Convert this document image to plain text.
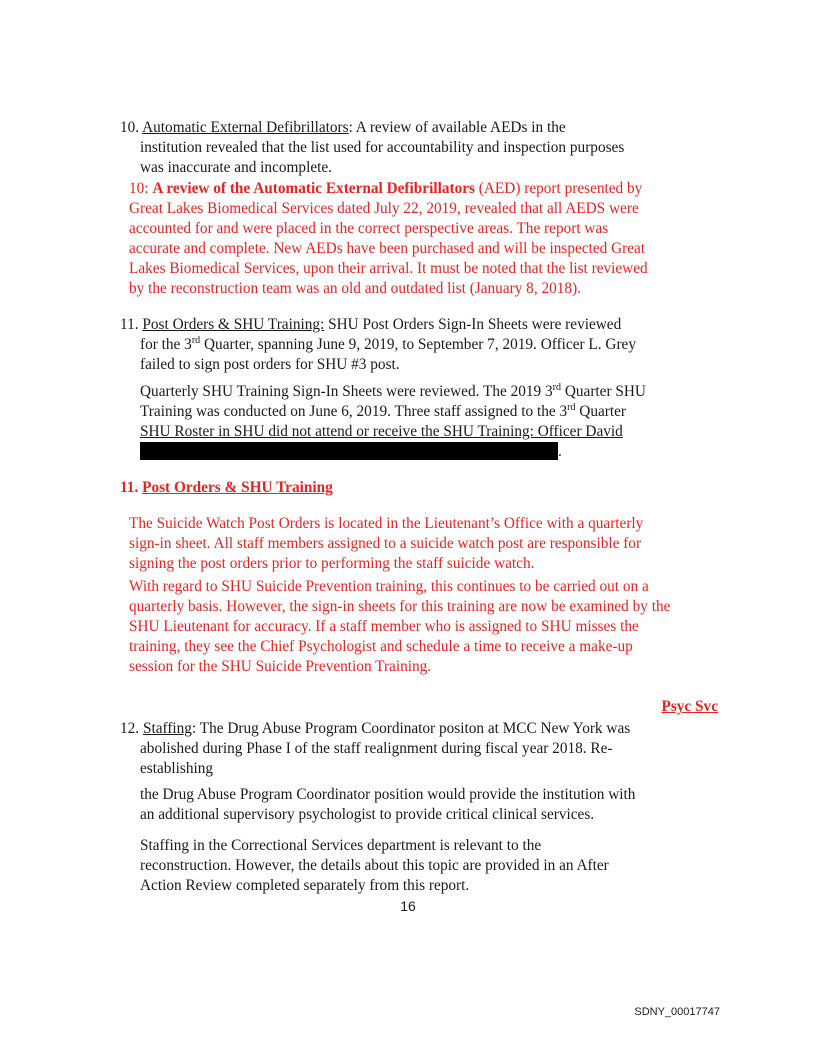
10. Automatic External Defibrillators: A review of available AEDs in the
institution revealed that the list used for accountability and inspection purposes
was inaccurate and incomplete.
10: A review of the Automatic External Defibrillators (AED) report presented by
Great Lakes Biomedical Services dated July 22, 2019, revealed that all AEDS were
accounted for and were placed in the correct perspective areas. The report was
accurate and complete. New AEDs have been purchased and will be inspected Great
Lakes Biomedical Services, upon their arrival. It must be noted that the list reviewed
by the reconstruction team was an old and outdated list (January 8, 2018).
11. Post Orders & SHU Training: SHU Post Orders Sign-In Sheets were reviewed
for the 3rd Quarter, spanning June 9, 2019, to September 7, 2019. Officer L. Grey
failed to sign post orders for SHU #3 post.
Quarterly SHU Training Sign-In Sheets were reviewed. The 2019 3rd Quarter SHU
Training was conducted on June 6, 2019. Three staff assigned to the 3rd Quarter
SHU Roster in SHU did not attend or receive the SHU Training: Officer David
.
11. Post Orders & SHU Training
The Suicide Watch Post Orders is located in the Lieutenant’s Office with a quarterly
sign-in sheet. All staff members assigned to a suicide watch post are responsible for
signing the post orders prior to performing the staff suicide watch.
With regard to SHU Suicide Prevention training, this continues to be carried out on a
quarterly basis. However, the sign-in sheets for this training are now be examined by the
SHU Lieutenant for accuracy. If a staff member who is assigned to SHU misses the
training, they see the Chief Psychologist and schedule a time to receive a make-up
session for the SHU Suicide Prevention Training.
Psyc Svc
12. Staffing: The Drug Abuse Program Coordinator positon at MCC New York was
abolished during Phase I of the staff realignment during fiscal year 2018. Re-
establishing
the Drug Abuse Program Coordinator position would provide the institution with
an additional supervisory psychologist to provide critical clinical services.
Staffing in the Correctional Services department is relevant to the
reconstruction. However, the details about this topic are provided in an After
Action Review completed separately from this report.
16
SDNY_00017747
